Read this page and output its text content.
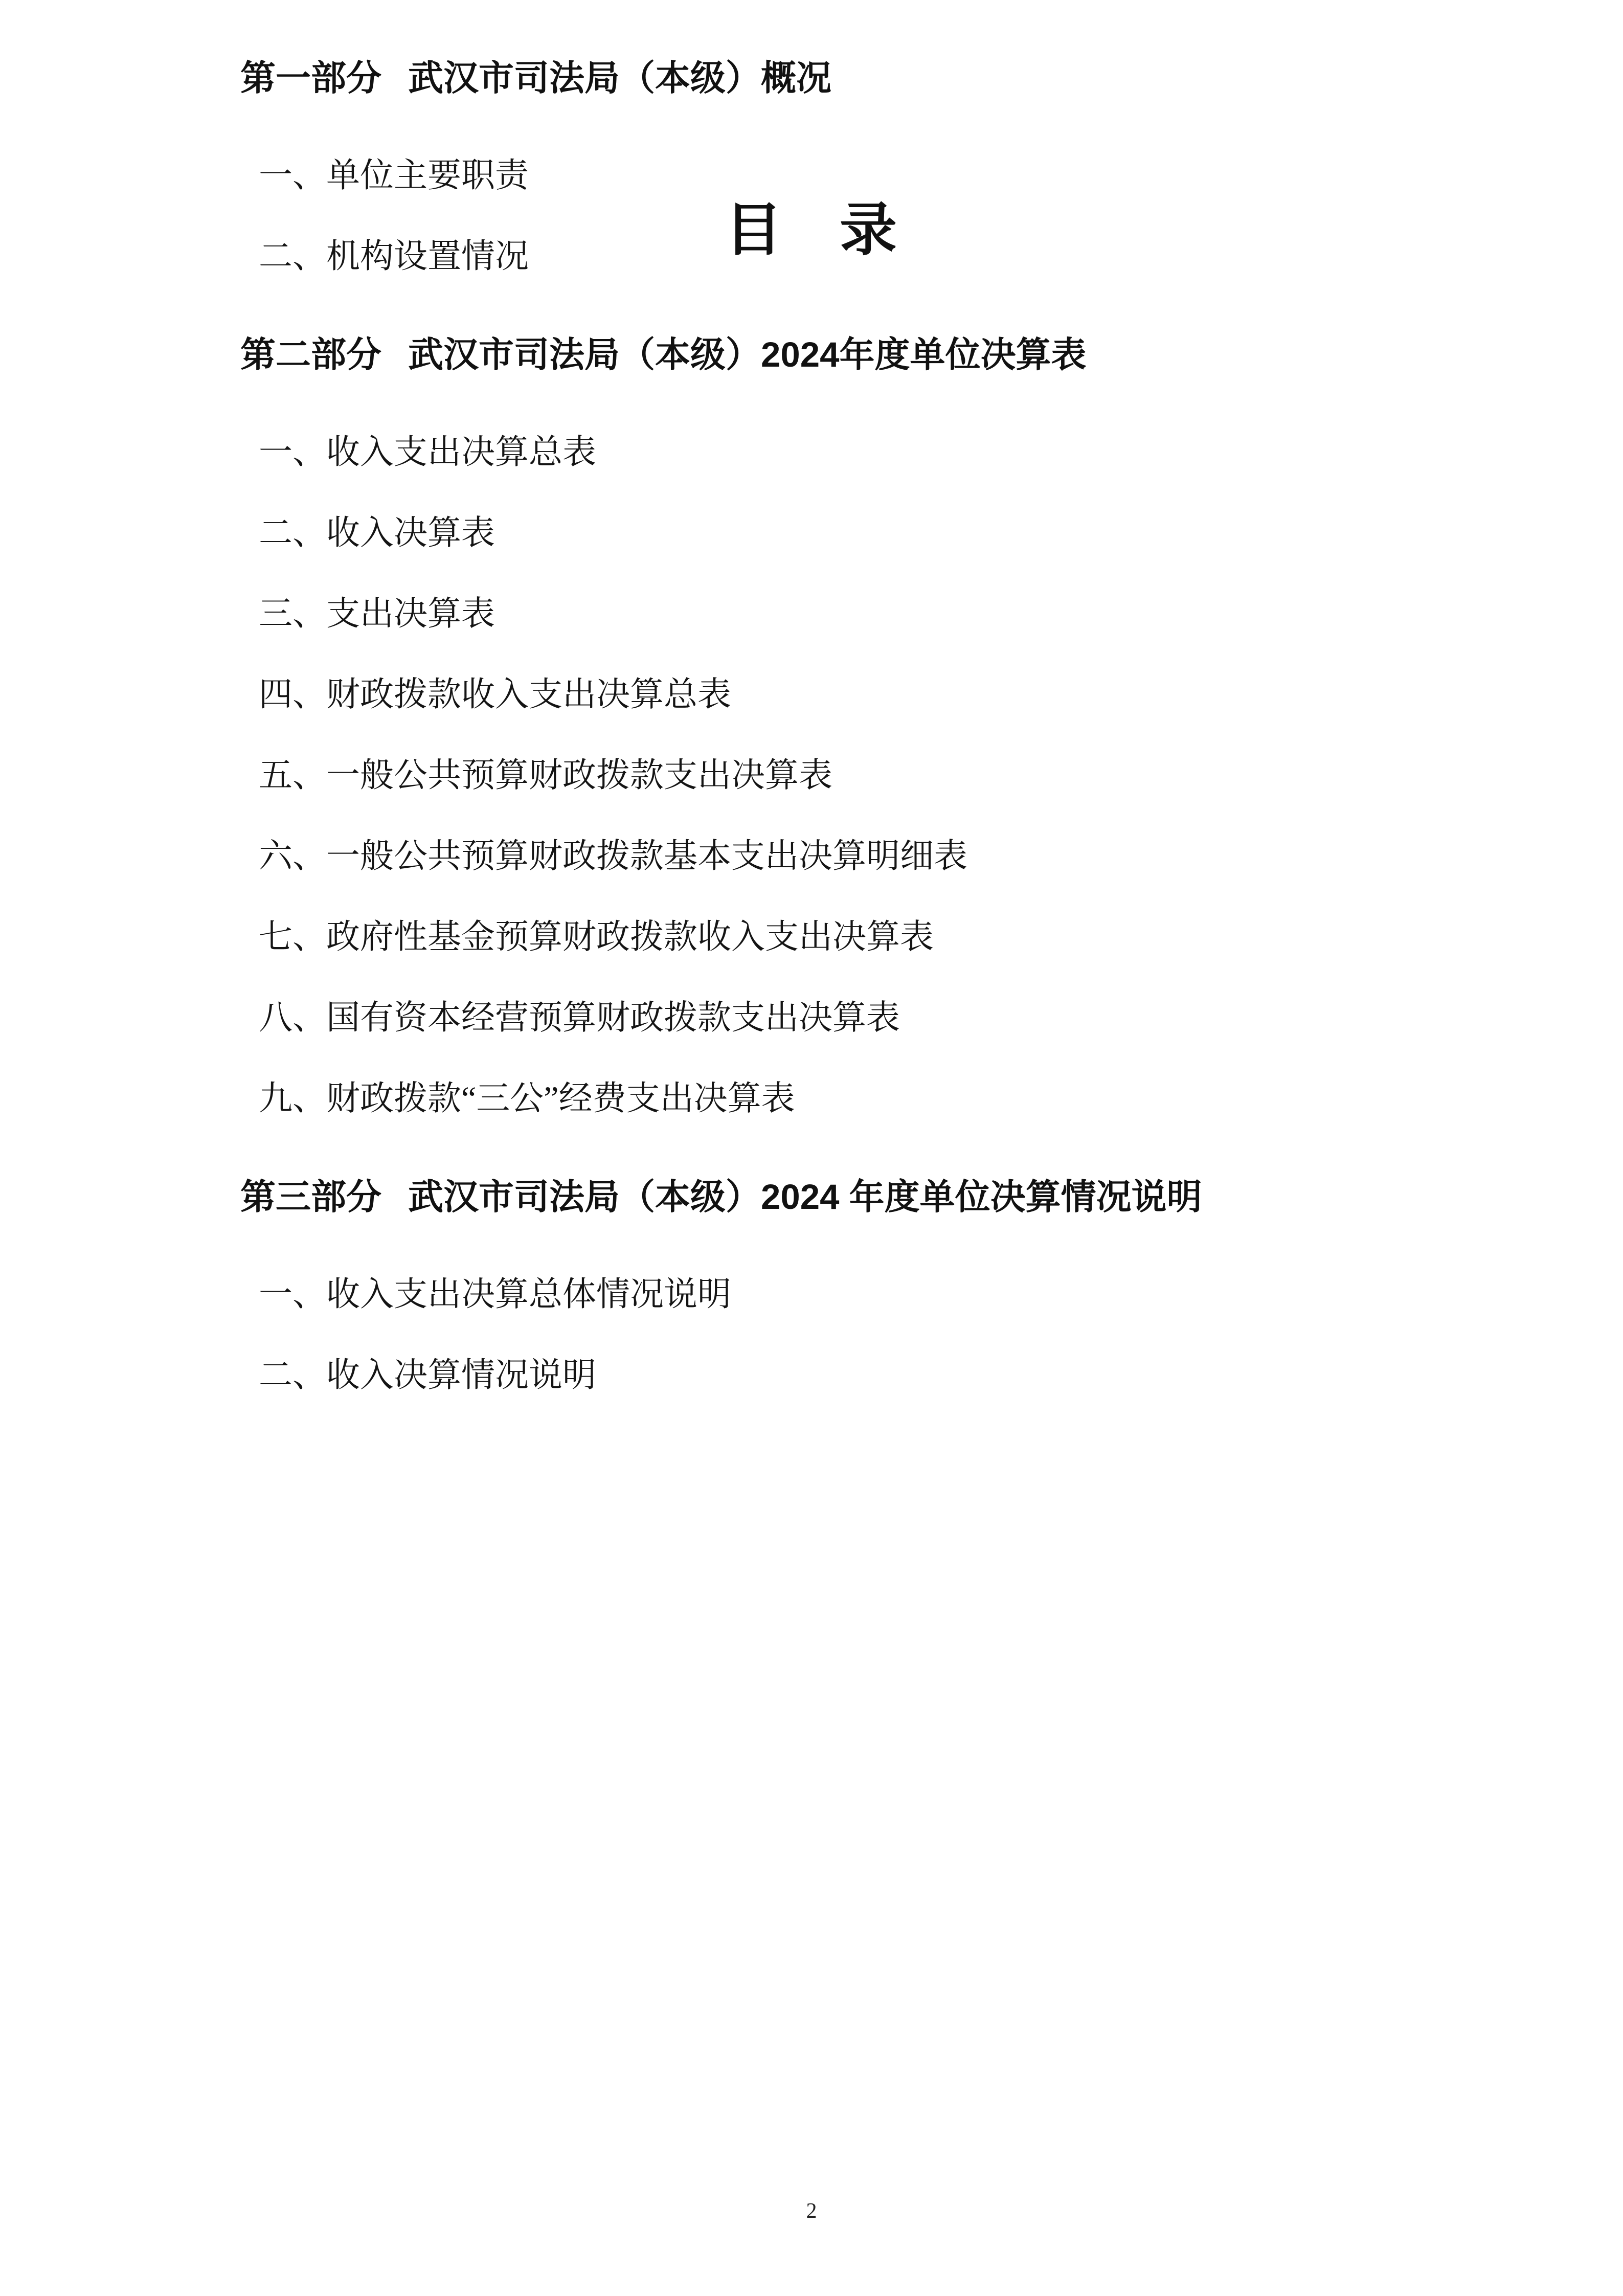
目 录
第一部分 武汉市司法局（本级）概况
一、单位主要职责
二、机构设置情况
第二部分 武汉市司法局（本级）2024年度单位决算表
一、收入支出决算总表
二、收入决算表
三、支出决算表
四、财政拨款收入支出决算总表
五、一般公共预算财政拨款支出决算表
六、一般公共预算财政拨款基本支出决算明细表
七、政府性基金预算财政拨款收入支出决算表
八、国有资本经营预算财政拨款支出决算表
九、财政拨款“三公”经费支出决算表
第三部分 武汉市司法局（本级）2024 年度单位决算情况说明
一、收入支出决算总体情况说明
二、收入决算情况说明
2
